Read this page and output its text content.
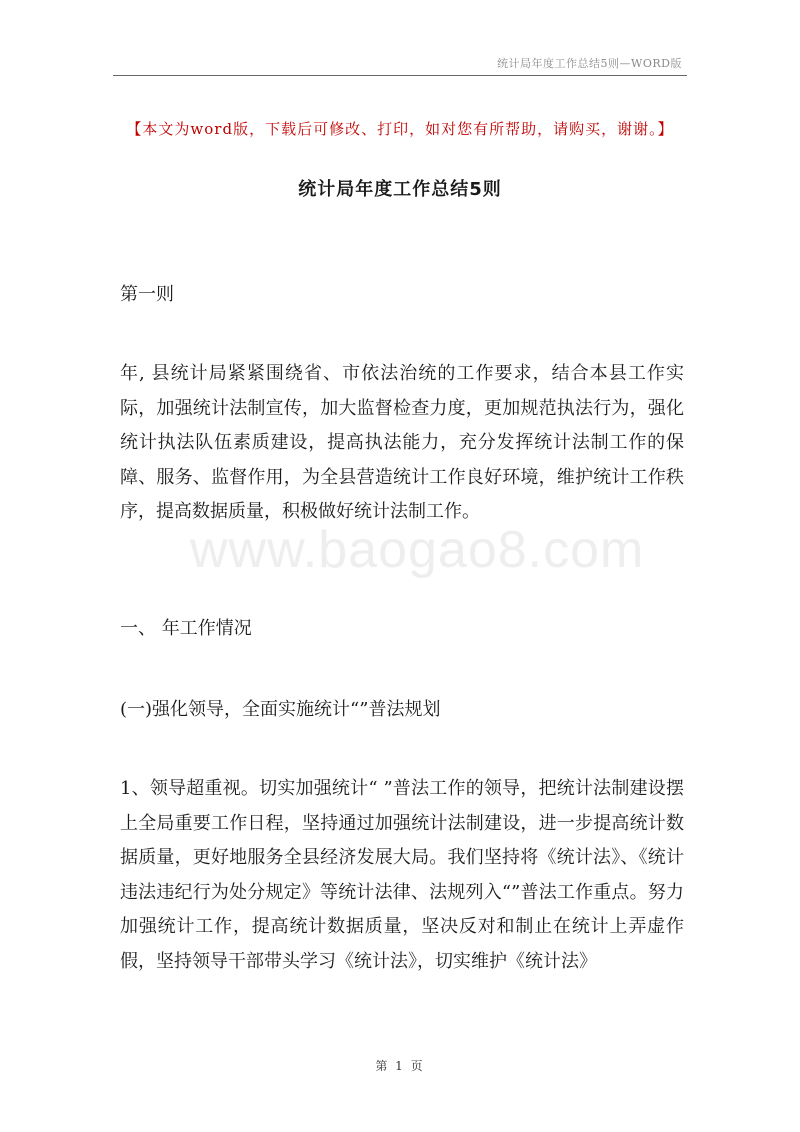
统计局年度工作总结5则—WORD版
【本文为word版，下载后可修改、打印，如对您有所帮助，请购买，谢谢。】
统计局年度工作总结5则
www.baogao8.com

第一则

年, 县统计局紧紧围绕省、市依法治统的工作要求，结合本县工作实际，加强统计法制宣传，加大监督检查力度，更加规范执法行为，强化统计执法队伍素质建设，提高执法能力，充分发挥统计法制工作的保障、服务、监督作用，为全县营造统计工作良好环境，维护统计工作秩序，提高数据质量，积极做好统计法制工作。

一、 年工作情况

(一)强化领导，全面实施统计“”普法规划

1、领导超重视。切实加强统计“ ”普法工作的领导，把统计法制建设摆上全局重要工作日程，坚持通过加强统计法制建设，进一步提高统计数据质量，更好地服务全县经济发展大局。我们坚持将《统计法》、《统计违法违纪行为处分规定》等统计法律、法规列入“”普法工作重点。努力加强统计工作，提高统计数据质量，坚决反对和制止在统计上弄虚作假，坚持领导干部带头学习《统计法》，切实维护《统计法》

第 1 页
